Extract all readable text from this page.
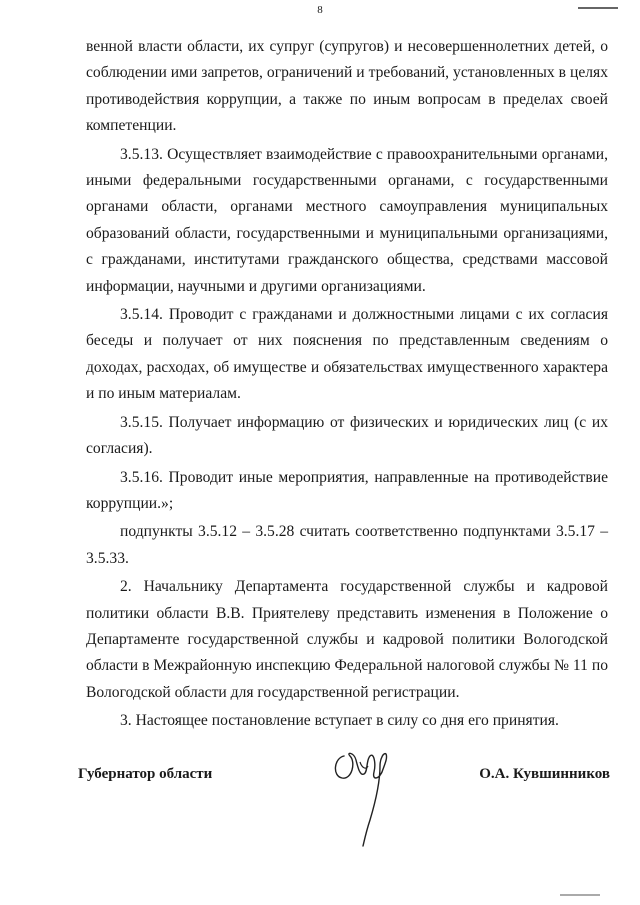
8

венной власти области, их супруг (супругов) и несовершеннолетних детей, о соблюдении ими запретов, ограничений и требований, установленных в целях противодействия коррупции, а также по иным вопросам в пределах своей компетенции.

3.5.13. Осуществляет взаимодействие с правоохранительными органами, иными федеральными государственными органами, с государственными органами области, органами местного самоуправления муниципальных образований области, государственными и муниципальными организациями, с гражданами, институтами гражданского общества, средствами массовой информации, научными и другими организациями.

3.5.14. Проводит с гражданами и должностными лицами с их согласия беседы и получает от них пояснения по представленным сведениям о доходах, расходах, об имуществе и обязательствах имущественного характера и по иным материалам.

3.5.15. Получает информацию от физических и юридических лиц (с их согласия).

3.5.16. Проводит иные мероприятия, направленные на противодействие коррупции.»;

подпункты 3.5.12 – 3.5.28 считать соответственно подпунктами 3.5.17 – 3.5.33.

2. Начальнику Департамента государственной службы и кадровой политики области В.В. Приятелеву представить изменения в Положение о Департаменте государственной службы и кадровой политики Вологодской области в Межрайонную инспекцию Федеральной налоговой службы № 11 по Вологодской области для государственной регистрации.

3. Настоящее постановление вступает в силу со дня его принятия.

Губернатор области	О.А. Кувшинников
